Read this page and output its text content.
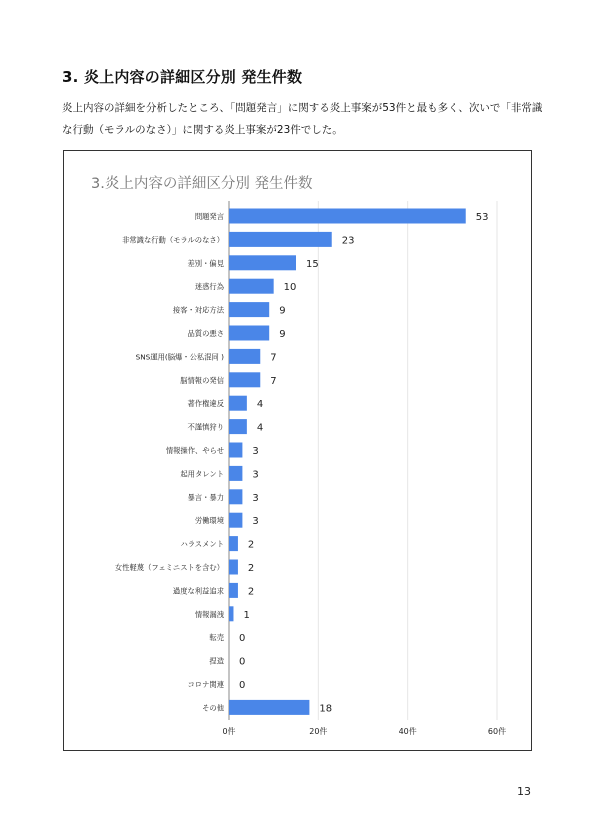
3. 炎上内容の詳細区分別 発生件数
炎上内容の詳細を分析したところ、「問題発言」に関する炎上事案が53件と最も多く、次いで「非常識
な行動（モラルのなさ）」に関する炎上事案が23件でした。
3.炎上内容の詳細区分別 発生件数
0件	20件	40件	60件
問題発言	53
非常識な行動（モラルのなさ）	23
差別・偏見	15
迷惑行為	10
接客・対応方法	9
品質の悪さ	9
SNS運用(脳爆・公私混同 )	7
脳情報の発信	7
著作権違反	4
不謹慎狩り	4
情報操作、やらせ	3
起用タレント	3
暴言・暴力	3
労働環境	3
ハラスメント 2
女性軽蔑（フェミニストを含む） 2
過度な利益追求 2
情報漏洩 1
転売 0
捏造 0
コロナ関連 0
その他	18
13
